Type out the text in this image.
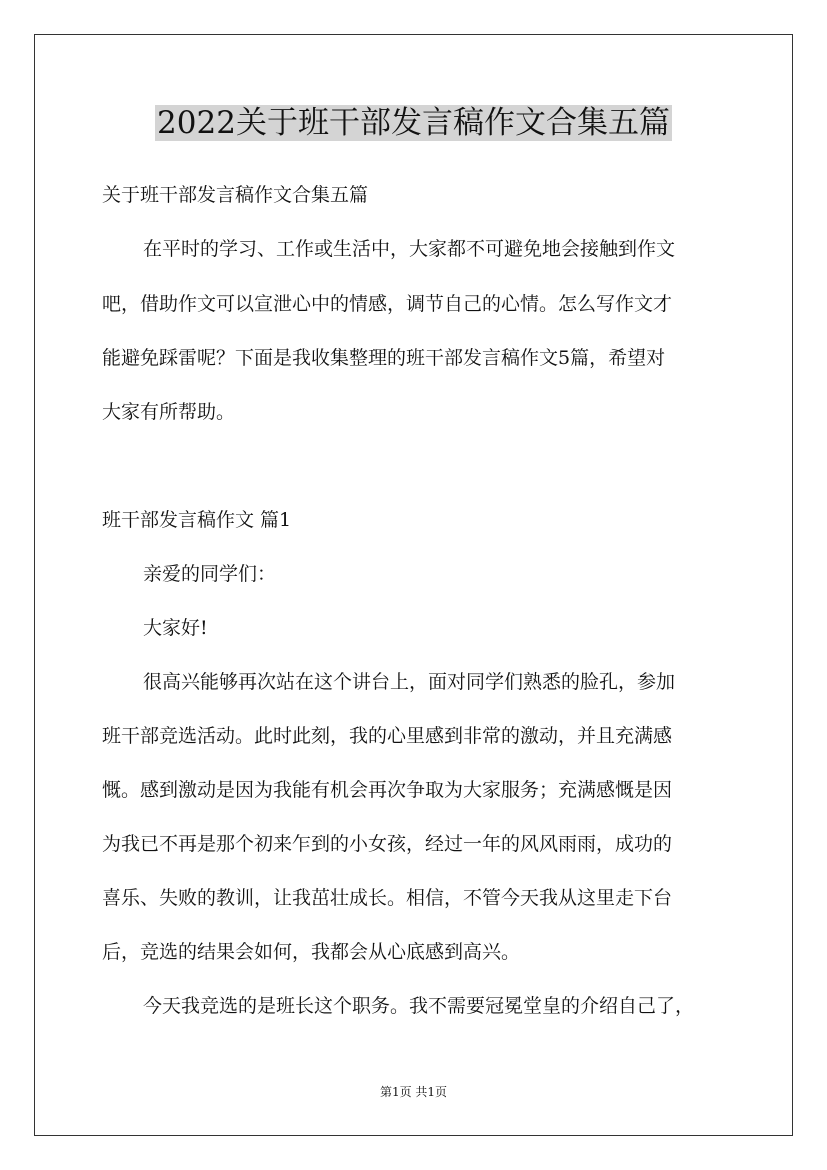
2022关于班干部发言稿作文合集五篇

关于班干部发言稿作文合集五篇

在平时的学习、工作或生活中，大家都不可避免地会接触到作文

吧，借助作文可以宣泄心中的情感，调节自己的心情。怎么写作文才

能避免踩雷呢？下面是我收集整理的班干部发言稿作文5篇，希望对

大家有所帮助。

班干部发言稿作文 篇1

亲爱的同学们：

大家好!

很高兴能够再次站在这个讲台上，面对同学们熟悉的脸孔，参加

班干部竞选活动。此时此刻，我的心里感到非常的激动，并且充满感

慨。感到激动是因为我能有机会再次争取为大家服务；充满感慨是因

为我已不再是那个初来乍到的小女孩，经过一年的风风雨雨，成功的

喜乐、失败的教训，让我茁壮成长。相信，不管今天我从这里走下台

后，竞选的结果会如何，我都会从心底感到高兴。

今天我竞选的是班长这个职务。我不需要冠冕堂皇的介绍自己了，

第1页 共1页
